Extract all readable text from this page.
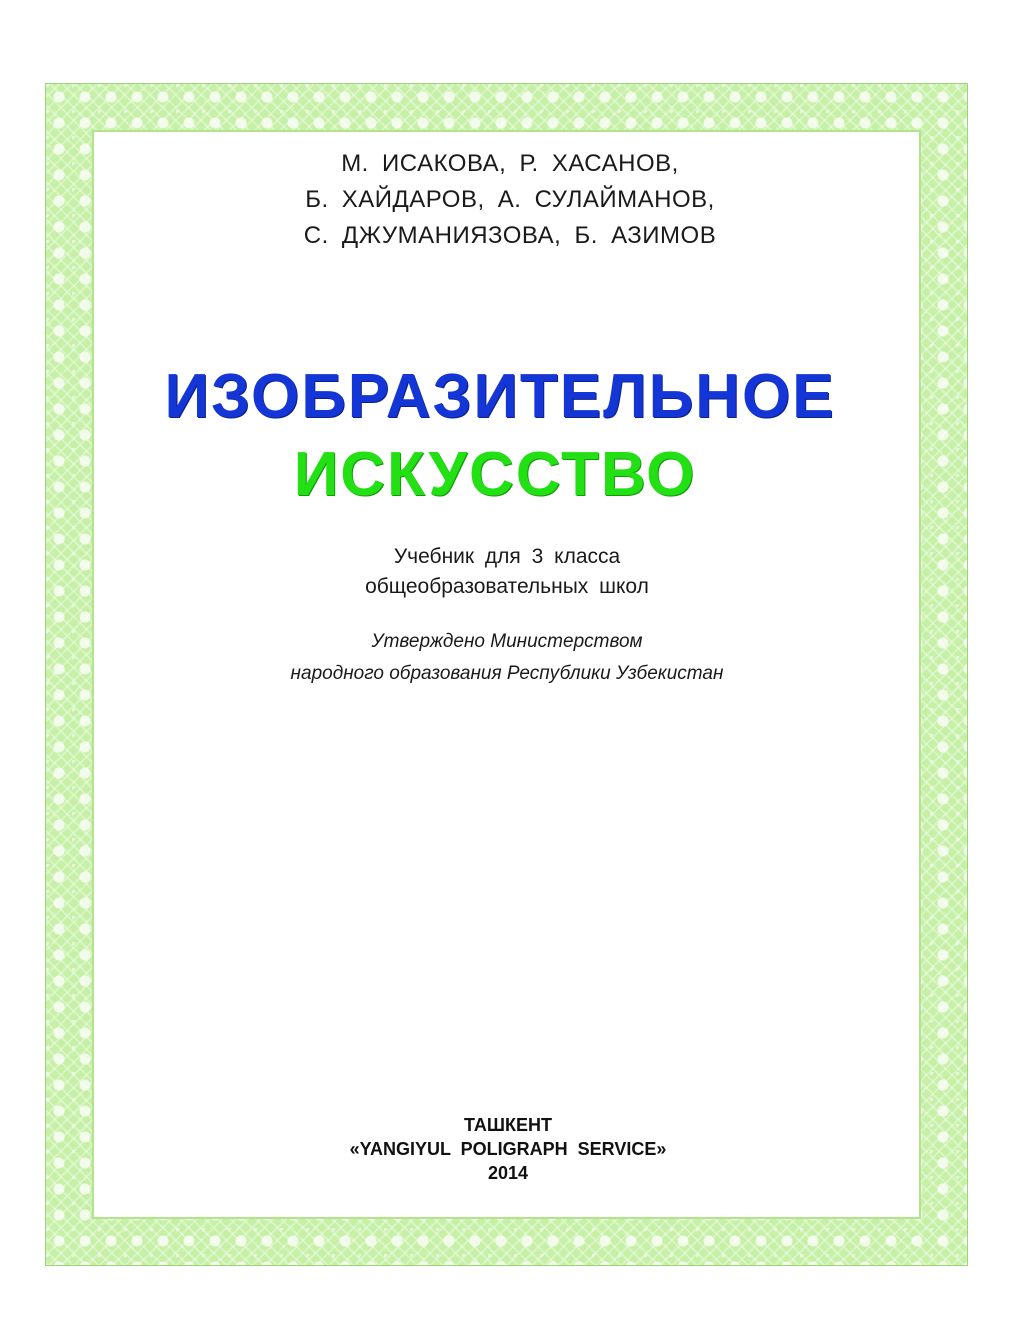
М. ИСАКОВА, Р. ХАСАНОВ,
Б. ХАЙДАРОВ, А. СУЛАЙМАНОВ,
С. ДЖУМАНИЯЗОВА, Б. АЗИМОВ
ИЗОБРАЗИТЕЛЬНОЕ
ИСКУССТВО
Учебник для 3 класса
общеобразовательных школ
Утверждено Министерством
народного образования Республики Узбекистан
ТАШКЕНТ
«YANGIYUL POLIGRAPH SERVICE»
2014
